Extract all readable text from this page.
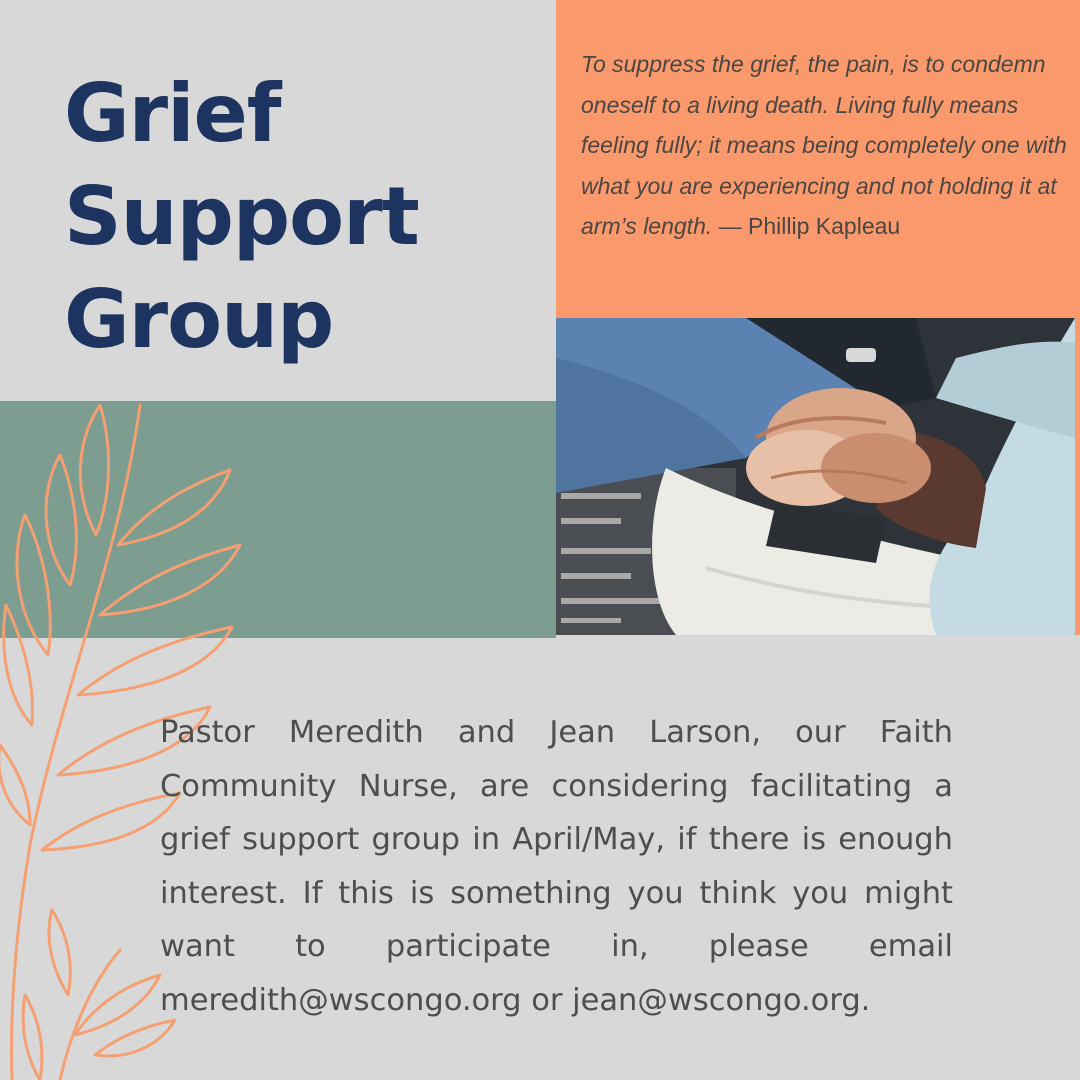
Grief
Support
Group

To suppress the grief, the pain, is to condemn oneself to a living death. Living fully means feeling fully; it means being completely one with what you are experiencing and not holding it at arm’s length. — Phillip Kapleau

Pastor Meredith and Jean Larson, our Faith Community Nurse, are considering facilitating a grief support group in April/May, if there is enough interest. If this is something you think you might want to participate in, please email meredith@wscongo.org or jean@wscongo.org.
